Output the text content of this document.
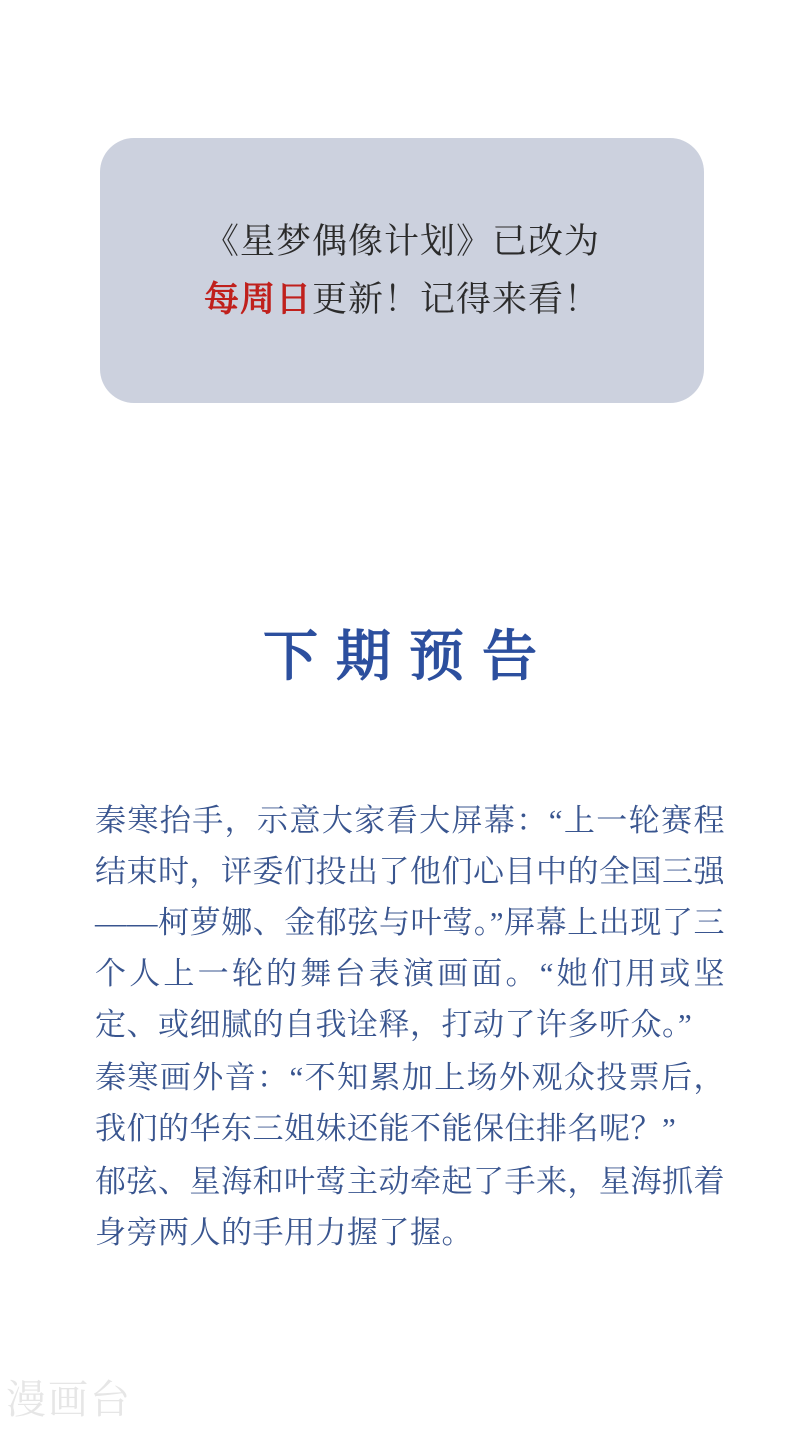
《星梦偶像计划》已改为
每周日更新！记得来看！
下期预告

秦寒抬手，示意大家看大屏幕：“上一轮赛程结束时，评委们投出了他们心目中的全国三强——柯萝娜、金郁弦与叶莺。”屏幕上出现了三个人上一轮的舞台表演画面。“她们用或坚定、或细腻的自我诠释，打动了许多听众。”

秦寒画外音：“不知累加上场外观众投票后，我们的华东三姐妹还能不能保住排名呢？”

郁弦、星海和叶莺主动牵起了手来，星海抓着身旁两人的手用力握了握。

漫画台
